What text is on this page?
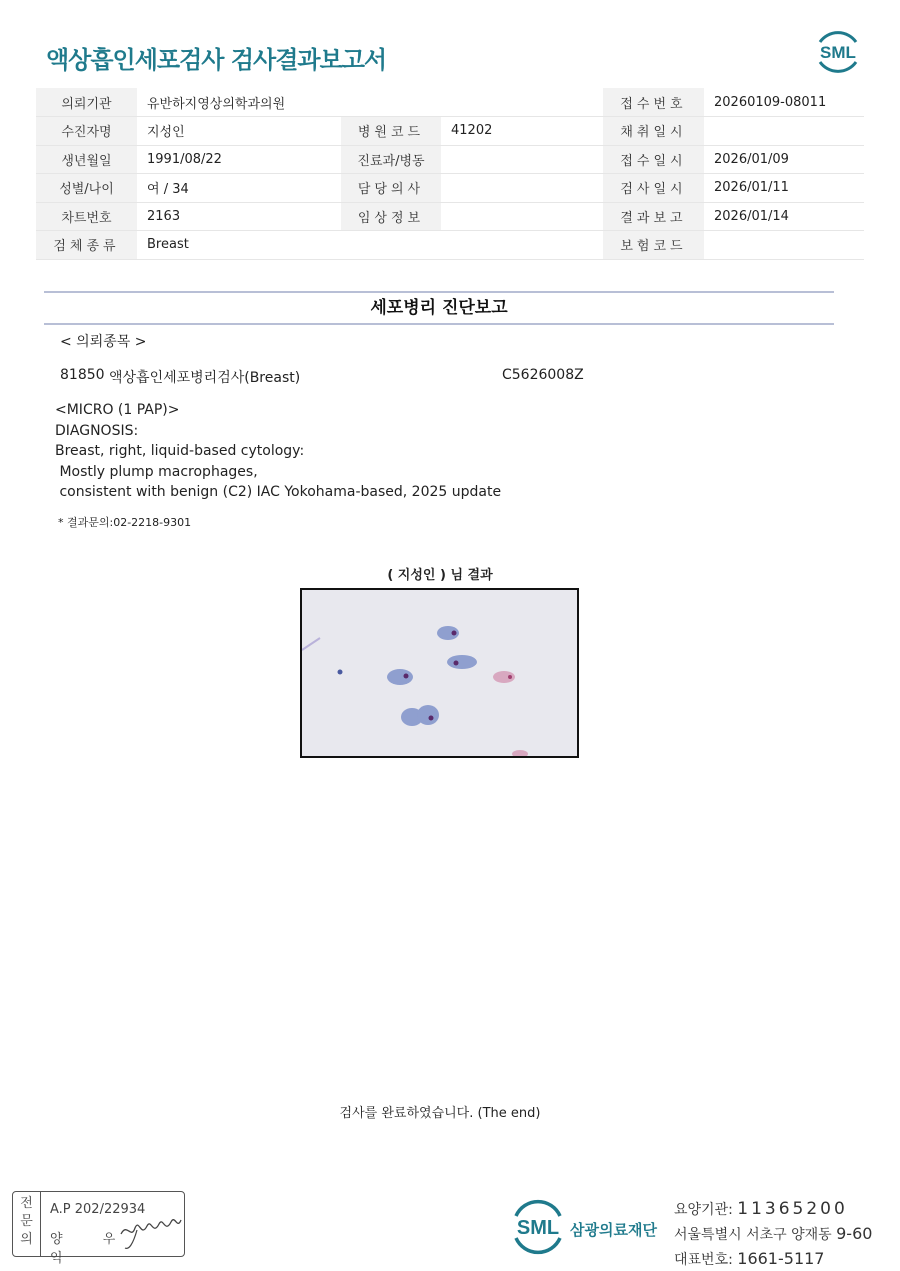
액상흡인세포검사 검사결과보고서	SML
의뢰기관	유반하지영상의학과의원			접수번호	20260109-08011
수진자명	지성인	병원코드	41202	채취일시	
생년월일	1991/08/22	진료과/병동		접수일시	2026/01/09
성별/나이	여 / 34	담당의사		검사일시	2026/01/11
차트번호	2163	임상정보		결과보고	2026/01/14
검체종류	Breast			보험코드	
세포병리 진단보고
< 의뢰종목 >
81850 액상흡인세포병리검사(Breast)	C5626008Z
<MICRO (1 PAP)>
DIAGNOSIS:
Breast, right, liquid-based cytology:
Mostly plump macrophages,
consistent with benign (C2) IAC Yokohama-based, 2025 update
* 결과문의:02-2218-9301
( 지성인 ) 님 결과
검사를 완료하였습니다. (The end)
전
문
의
A.P 202/22934
양 우 익
SML 삼광의료재단
요양기관: 11365200
서울특별시 서초구 양재동 9-60
대표번호: 1661-5117
